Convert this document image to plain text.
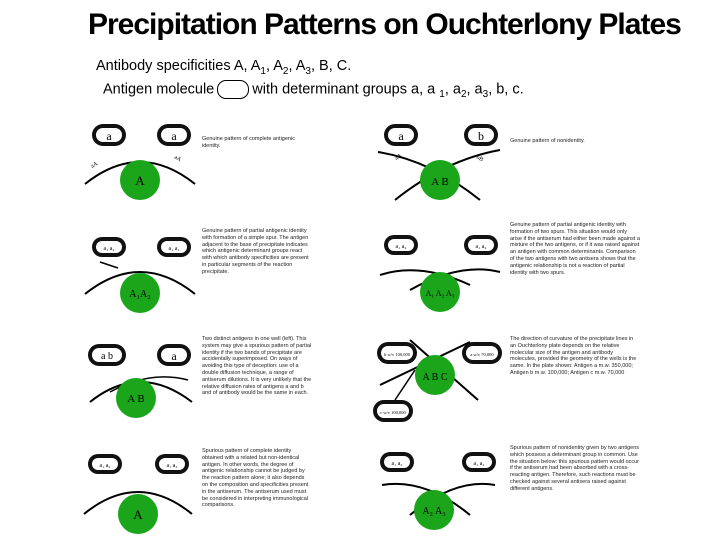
Precipitation Patterns on Ouchterlony Plates
Antibody specificities A, $A_1$, $A_2$, $A_3$, B, C.
Antigen molecule	with determinant groups a, a $_1$, $a_2$, $a_3$, b, c.
a	a
aA
aA
A
a	b
aA	bB
A B
a₁ a₂	a₁ a₁
A₁A₂
a₁ a₂	a₁ a₂
A₁ A₂ A₃
a b	a
A B
b w/v 100,000	a w/v 70,000
c w/v 100,000
A B C
a₁ a₂	a₁ a₂
A
a₁ a₂	a₁ a₂
A₂ A₃
Genuine pattern of complete antigenic identity.
Genuine pattern of nonidentity.
Genuine pattern of partial antigenic identity with formation of a simple spur. The antigen adjacent to the base of precipitate indicates which antigenic determinant groups react with which antibody specificities are present in particular segments of the reaction precipitate.
Genuine pattern of partial antigenic identity with formation of two spurs. This situation would only arise if the antiserum had either been made against a mixture of the two antigens, or if it was raised against an antigen with common determinants. Comparison of the two antigens with two antisera shows that the antigenic relationship is not a reaction of partial identity with two spurs.
Two distinct antigens in one well (left). This system may give a spurious pattern of partial identity if the two bands of precipitate are accidentally superimposed. On ways of avoiding this type of deception: use of a double diffusion technique, a range of antiserum dilutions. It is very unlikely that the relative diffusion rates of antigens a and b and of antibody would be the same in each.
The direction of curvature of the precipitate lines in an Ouchterlony plate depends on the relative molecular size of the antigen and antibody molecules, provided the geometry of the wells is the same. In the plate shown: Antigen a m.w. 350,000; Antigen b m.w. 100,000; Antigen c m.w. 70,000
Spurious pattern of complete identity obtained with a related but non-identical antigen. In other words, the degree of antigenic relationship cannot be judged by the reaction pattern alone; it also depends on the composition and specificities present in the antiserum. The antiserum used must be considered in interpreting immunological comparisons.
Spurious pattern of nonidentity given by two antigens which possess a determinant group in common. Use the situation below: this spurious pattern would occur if the antiserum had been absorbed with a cross-reacting antigen. Therefore, such reactions must be checked against several antisera raised against different antigens.
